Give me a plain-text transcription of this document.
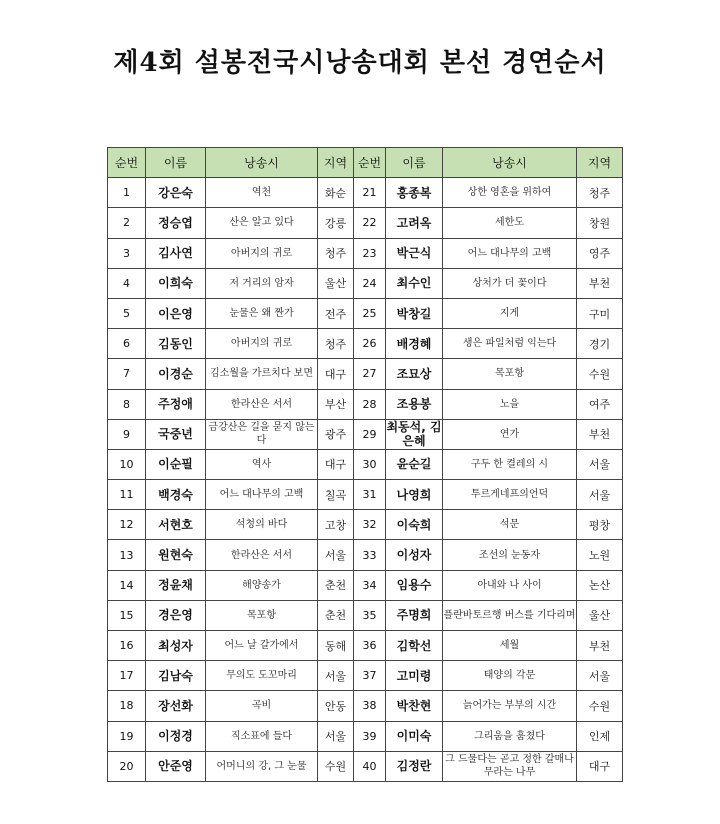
제4회 설봉전국시낭송대회 본선 경연순서
순번	이름	낭송시	지역	순번	이름	낭송시	지역
1	강은숙	역천	화순	21	홍종복	상한 영혼을 위하여	청주
2	정승엽	산은 알고 있다	강릉	22	고려옥	세한도	창원
3	김사연	아버지의 귀로	청주	23	박근식	어느 대나무의 고백	영주
4	이희숙	저 거리의 암자	울산	24	최수인	상처가 더 꽃이다	부천
5	이은영	눈물은 왜 짠가	전주	25	박창길	지게	구미
6	김동인	아버지의 귀로	청주	26	배경혜	생은 파일처럼 익는다	경기
7	이경순	김소월을 가르치다 보면	대구	27	조묘상	목포항	수원
8	주정애	한라산은 서서	부산	28	조용봉	노을	여주
9	국중년	금강산은 길을 묻지 않는다	광주	29	최동석, 김은혜	연가	부천
10	이순필	역사	대구	30	윤순길	구두 한 켤레의 시	서울
11	백경숙	어느 대나무의 고백	칠곡	31	나영희	투르게네프의언덕	서울
12	서현호	석청의 바다	고창	32	이숙희	석문	평창
13	원현숙	한라산은 서서	서울	33	이성자	조선의 눈동자	노원
14	정윤채	해양송가	춘천	34	임용수	아내와 나 사이	논산
15	경은영	목포항	춘천	35	주명희	플란바토르행 버스를 기다리며	울산
16	최성자	어느 날 갈가에서	동해	36	김학선	세월	부천
17	김남숙	무의도 도꼬마리	서울	37	고미령	태양의 각문	서울
18	장선화	곡비	안동	38	박찬현	늙어가는 부부의 시간	수원
19	이정경	직소표에 들다	서울	39	이미숙	그리움을 훔쳤다	인제
20	안준영	어머니의 강, 그 눈물	수원	40	김정란	그 드물다는 곧고 정한 갈매나무라는 나무	대구
